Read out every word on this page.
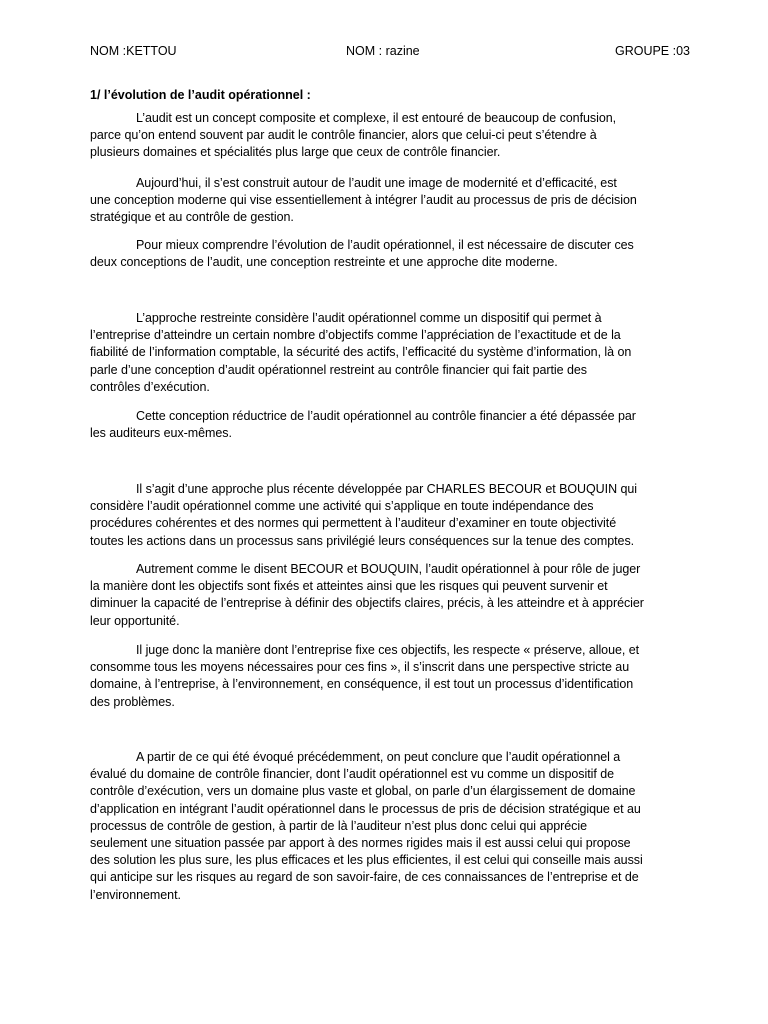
NOM :KETTOU	NOM : razine	GROUPE :03
1/ l’évolution de l’audit opérationnel :
L’audit est un concept composite et complexe, il est entouré de beaucoup de confusion,
parce qu’on entend souvent par audit le contrôle financier, alors que celui-ci peut s’étendre à
plusieurs domaines et spécialités plus large que ceux de contrôle financier.
Aujourd’hui, il s’est construit autour de l’audit une image de modernité et d’efficacité, est
une conception moderne qui vise essentiellement à intégrer l’audit au processus de pris de décision
stratégique et au contrôle de gestion.
Pour mieux comprendre l’évolution de l’audit opérationnel, il est nécessaire de discuter ces
deux conceptions de l’audit, une conception restreinte et une approche dite moderne.
L’approche restreinte considère l’audit opérationnel comme un dispositif qui permet à
l’entreprise d’atteindre un certain nombre d’objectifs comme l’appréciation de l’exactitude et de la
fiabilité de l’information comptable, la sécurité des actifs, l’efficacité du système d’information, là on
parle d’une conception d’audit opérationnel restreint au contrôle financier qui fait partie des
contrôles d’exécution.
Cette conception réductrice de l’audit opérationnel au contrôle financier a été dépassée par
les auditeurs eux-mêmes.
Il s’agit d’une approche plus récente développée par CHARLES BECOUR et BOUQUIN qui
considère l’audit opérationnel comme une activité qui s’applique en toute indépendance des
procédures cohérentes et des normes qui permettent à l’auditeur d’examiner en toute objectivité
toutes les actions dans un processus sans privilégié leurs conséquences sur la tenue des comptes.
Autrement comme le disent BECOUR et BOUQUIN, l’audit opérationnel à pour rôle de juger
la manière dont les objectifs sont fixés et atteintes ainsi que les risques qui peuvent survenir et
diminuer la capacité de l’entreprise à définir des objectifs claires, précis, à les atteindre et à apprécier
leur opportunité.
Il juge donc la manière dont l’entreprise fixe ces objectifs, les respecte « préserve, alloue, et
consomme tous les moyens nécessaires pour ces fins », il s’inscrit dans une perspective stricte au
domaine, à l’entreprise, à l’environnement, en conséquence, il est tout un processus d’identification
des problèmes.
A partir de ce qui été évoqué précédemment, on peut conclure que l’audit opérationnel a
évalué du domaine de contrôle financier, dont l’audit opérationnel est vu comme un dispositif de
contrôle d’exécution, vers un domaine plus vaste et global, on parle d’un élargissement de domaine
d’application en intégrant l’audit opérationnel dans le processus de pris de décision stratégique et au
processus de contrôle de gestion, à partir de là l’auditeur n’est plus donc celui qui apprécie
seulement une situation passée par apport à des normes rigides mais il est aussi celui qui propose
des solution les plus sure, les plus efficaces et les plus efficientes, il est celui qui conseille mais aussi
qui anticipe sur les risques au regard de son savoir-faire, de ces connaissances de l’entreprise et de
l’environnement.
